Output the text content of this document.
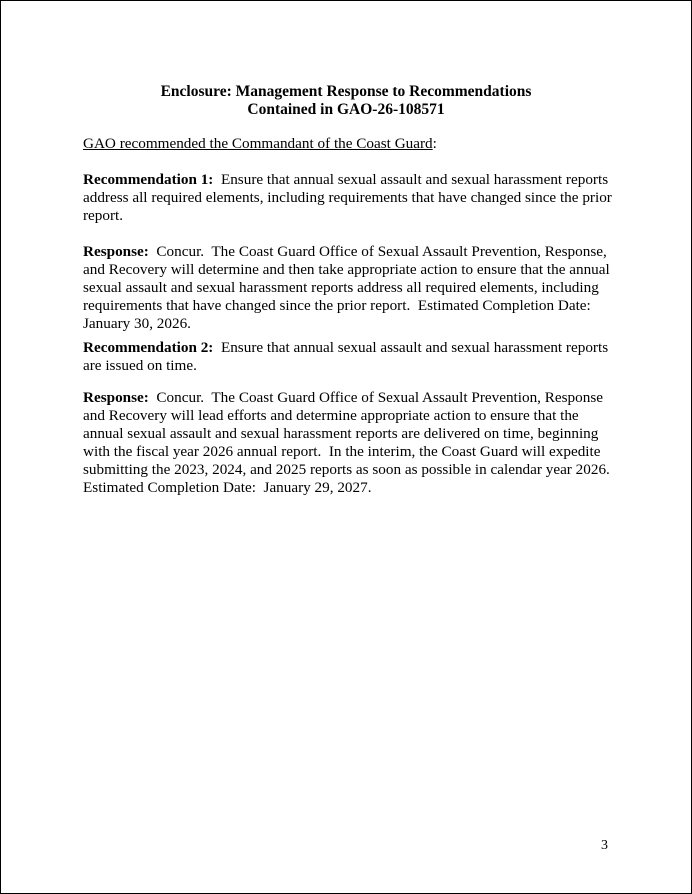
Enclosure: Management Response to Recommendations
Contained in GAO-26-108571
GAO recommended the Commandant of the Coast Guard:
Recommendation 1:  Ensure that annual sexual assault and sexual harassment reports address all required elements, including requirements that have changed since the prior report.
Response:  Concur.  The Coast Guard Office of Sexual Assault Prevention, Response, and Recovery will determine and then take appropriate action to ensure that the annual sexual assault and sexual harassment reports address all required elements, including requirements that have changed since the prior report.  Estimated Completion Date: January 30, 2026.
Recommendation 2:  Ensure that annual sexual assault and sexual harassment reports are issued on time.
Response:  Concur.  The Coast Guard Office of Sexual Assault Prevention, Response and Recovery will lead efforts and determine appropriate action to ensure that the annual sexual assault and sexual harassment reports are delivered on time, beginning with the fiscal year 2026 annual report.  In the interim, the Coast Guard will expedite submitting the 2023, 2024, and 2025 reports as soon as possible in calendar year 2026.  Estimated Completion Date:  January 29, 2027.
3
